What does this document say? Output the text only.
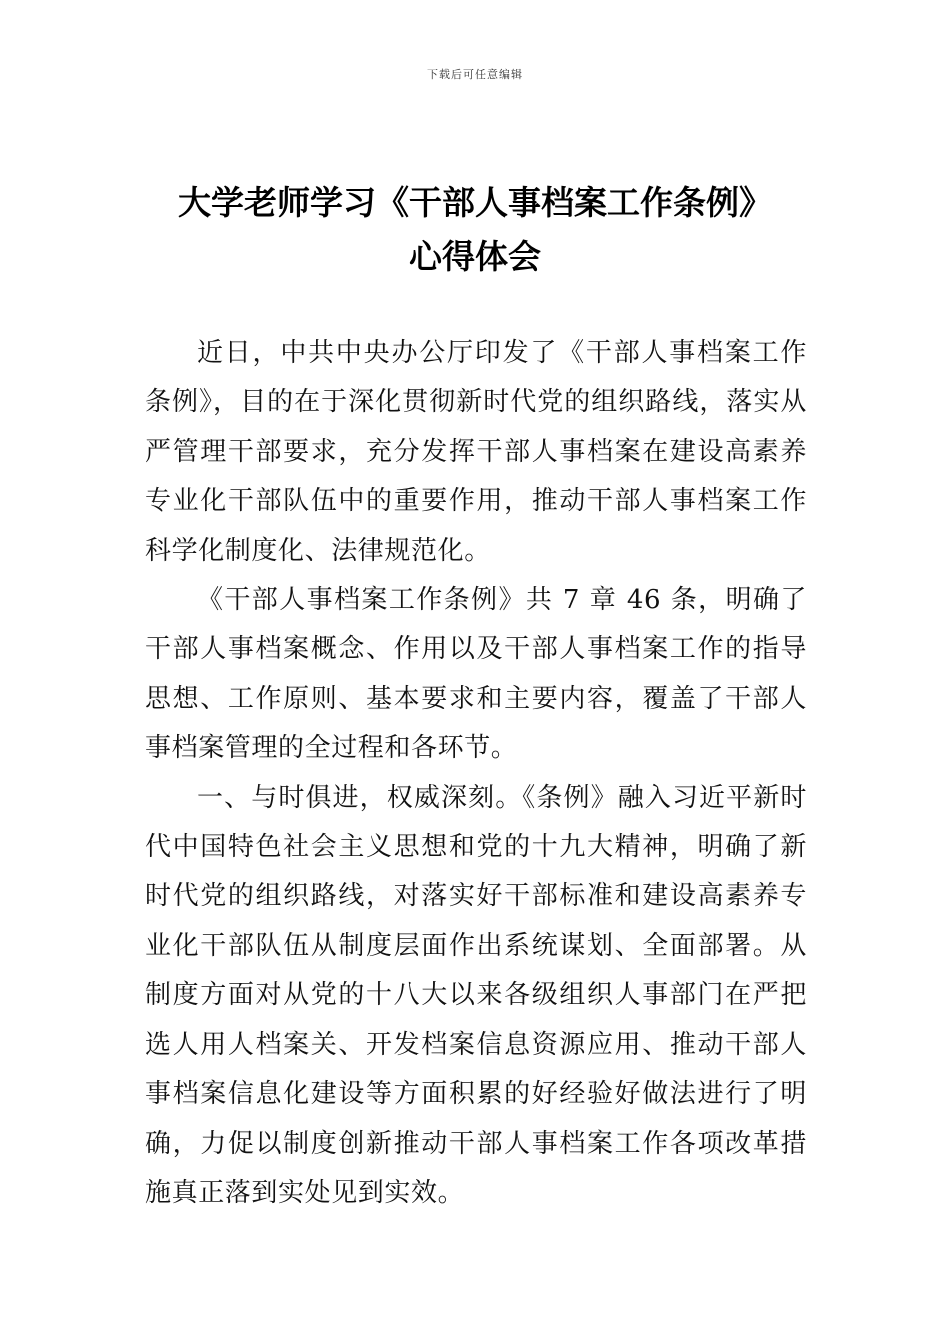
下载后可任意编辑
大学老师学习《干部人事档案工作条例》
心得体会

近日，中共中央办公厅印发了《干部人事档案工作条例》，目的在于深化贯彻新时代党的组织路线，落实从严管理干部要求，充分发挥干部人事档案在建设高素养专业化干部队伍中的重要作用，推动干部人事档案工作科学化制度化、法律规范化。

《干部人事档案工作条例》共 7 章 46 条，明确了干部人事档案概念、作用以及干部人事档案工作的指导思想、工作原则、基本要求和主要内容，覆盖了干部人事档案管理的全过程和各环节。

一、与时俱进，权威深刻。《条例》融入习近平新时代中国特色社会主义思想和党的十九大精神，明确了新时代党的组织路线，对落实好干部标准和建设高素养专业化干部队伍从制度层面作出系统谋划、全面部署。从制度方面对从党的十八大以来各级组织人事部门在严把选人用人档案关、开发档案信息资源应用、推动干部人事档案信息化建设等方面积累的好经验好做法进行了明确，力促以制度创新推动干部人事档案工作各项改革措施真正落到实处见到实效。
